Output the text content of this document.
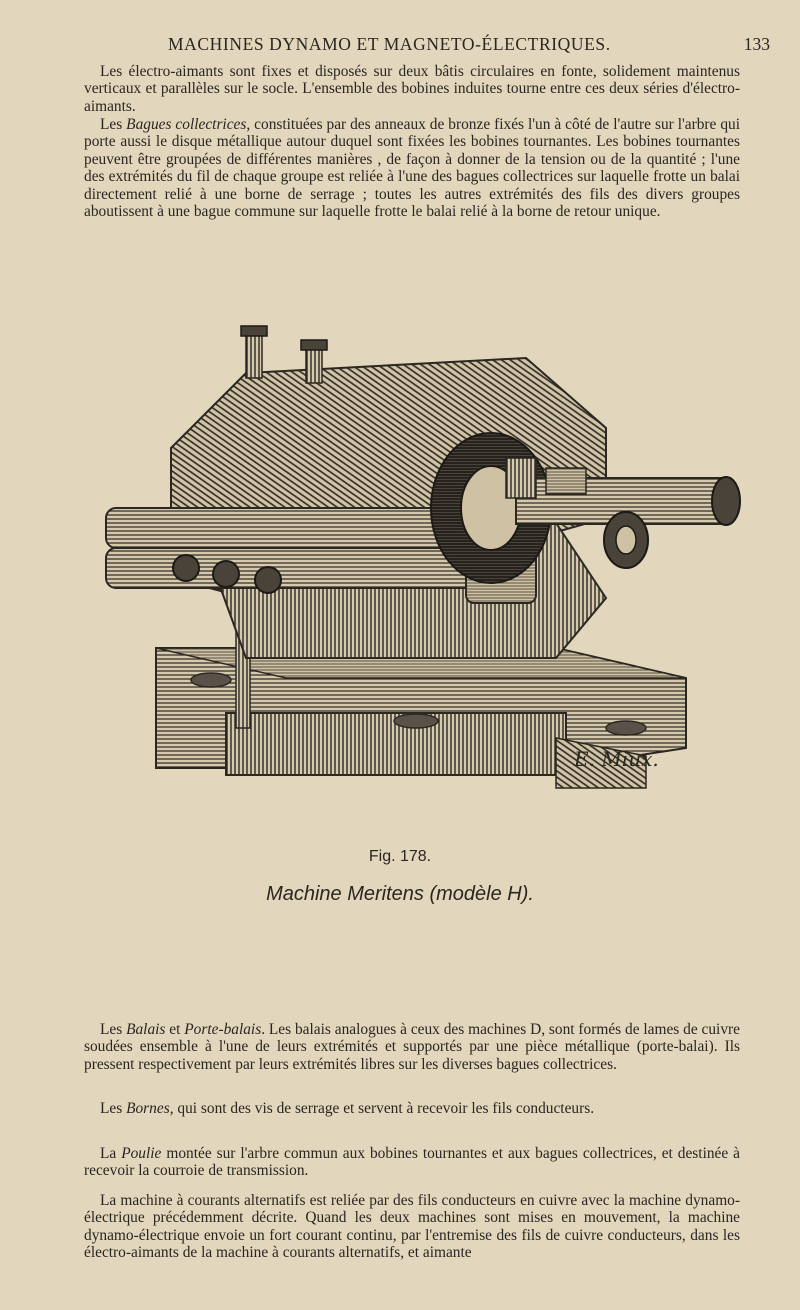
MACHINES DYNAMO ET MAGNETO-ÉLECTRIQUES.	133

Les électro-aimants sont fixes et disposés sur deux bâtis circulaires en fonte, solidement maintenus verticaux et parallèles sur le socle. L'ensemble des bobines induites tourne entre ces deux séries d'électro-aimants.

Les Bagues collectrices, constituées par des anneaux de bronze fixés l'un à côté de l'autre sur l'arbre qui porte aussi le disque métallique autour duquel sont fixées les bobines tournantes. Les bobines tournantes peuvent être groupées de différentes manières , de façon à donner de la tension ou de la quantité ; l'une des extrémités du fil de chaque groupe est reliée à l'une des bagues collectrices sur laquelle frotte un balai directement relié à une borne de serrage ; toutes les autres extrémités des fils des divers groupes aboutissent à une bague commune sur laquelle frotte le balai relié à la borne de retour unique.

E. Miux.
Fig. 178.
Machine Meritens (modèle H).

Les Balais et Porte-balais. Les balais analogues à ceux des machines D, sont formés de lames de cuivre soudées ensemble à l'une de leurs extrémités et supportés par une pièce métallique (porte-balai). Ils pressent respectivement par leurs extrémités libres sur les diverses bagues collectrices.

Les Bornes, qui sont des vis de serrage et servent à recevoir les fils conducteurs.

La Poulie montée sur l'arbre commun aux bobines tournantes et aux bagues collectrices, et destinée à recevoir la courroie de transmission.

La machine à courants alternatifs est reliée par des fils conducteurs en cuivre avec la machine dynamo-électrique précédemment décrite. Quand les deux machines sont mises en mouvement, la machine dynamo-électrique envoie un fort courant continu, par l'entremise des fils de cuivre conducteurs, dans les électro-aimants de la machine à courants alternatifs, et aimante
